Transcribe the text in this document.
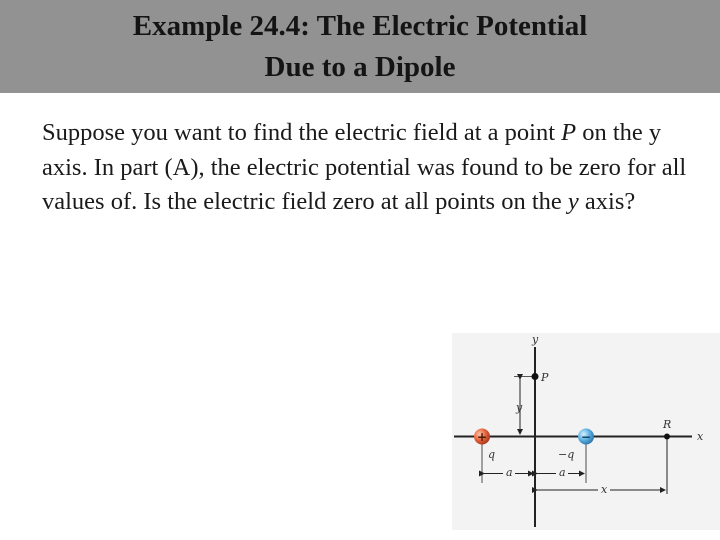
Example 24.4: The Electric Potential
Due to a Dipole
Suppose you want to find the electric field at a point P on the y axis. In part (A), the electric potential was found to be zero for all values of. Is the electric field zero at all points on the y axis?
y
x
P
R
y
+	−
q	−q
a	a
x
